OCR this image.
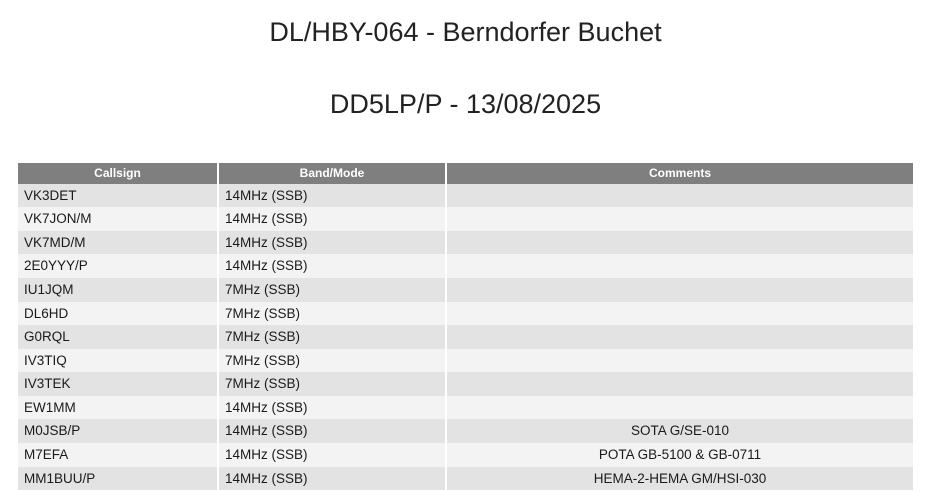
DL/HBY-064 - Berndorfer Buchet
DD5LP/P - 13/08/2025
Callsign	Band/Mode	Comments
VK3DET	14MHz (SSB)	
VK7JON/M	14MHz (SSB)	
VK7MD/M	14MHz (SSB)	
2E0YYY/P	14MHz (SSB)	
IU1JQM	7MHz (SSB)	
DL6HD	7MHz (SSB)	
G0RQL	7MHz (SSB)	
IV3TIQ	7MHz (SSB)	
IV3TEK	7MHz (SSB)	
EW1MM	14MHz (SSB)	
M0JSB/P	14MHz (SSB)	SOTA G/SE-010
M7EFA	14MHz (SSB)	POTA GB-5100 & GB-0711
MM1BUU/P	14MHz (SSB)	HEMA-2-HEMA GM/HSI-030
